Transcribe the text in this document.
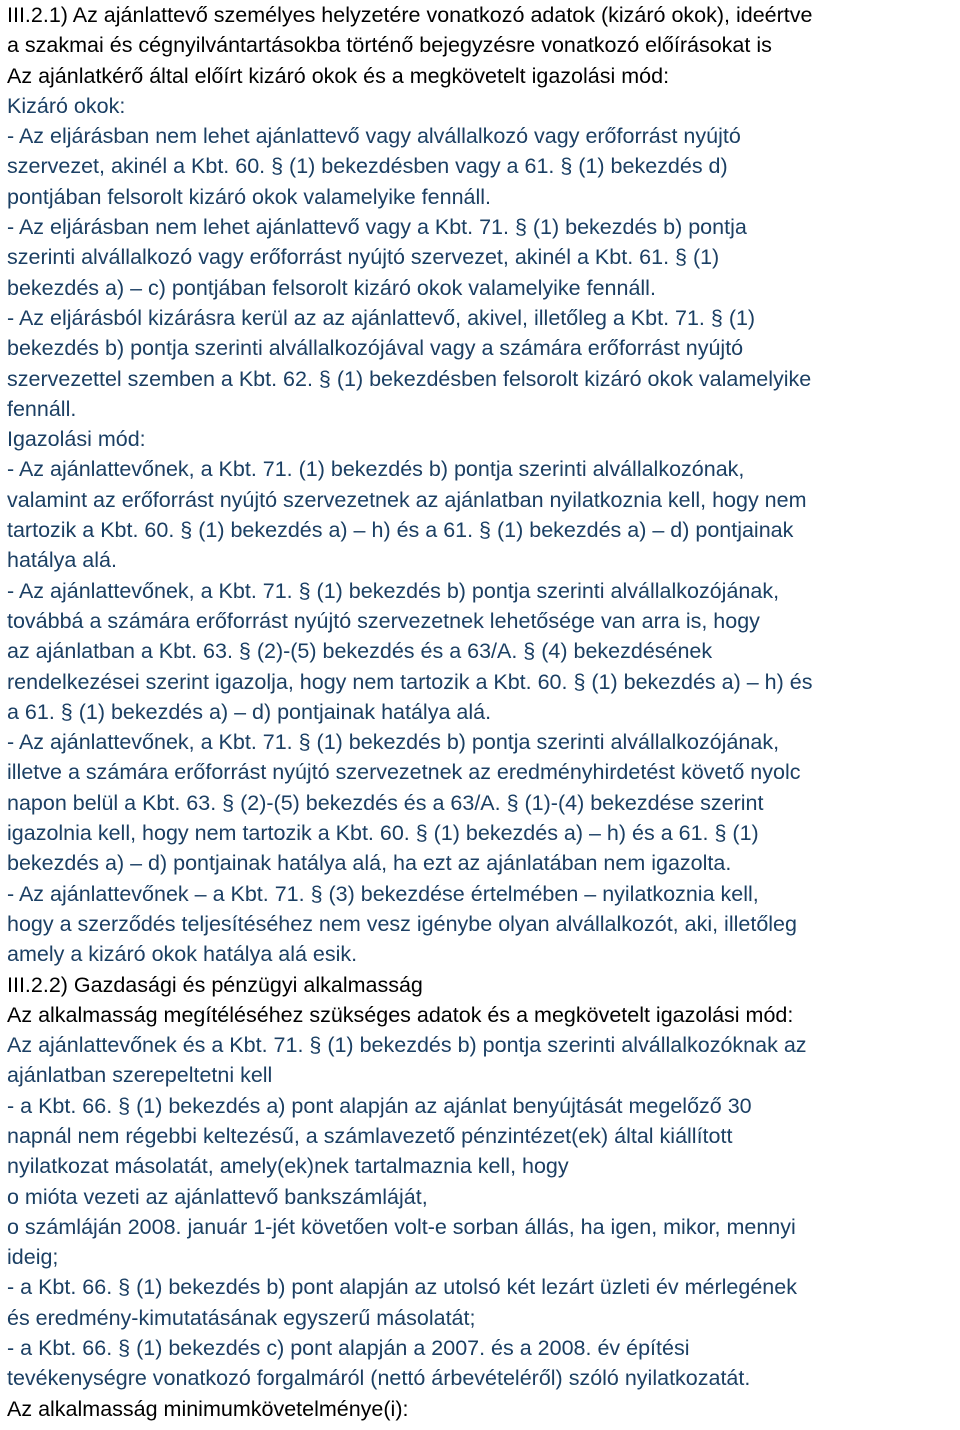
III.2.1) Az ajánlattevő személyes helyzetére vonatkozó adatok (kizáró okok), ideértve
a szakmai és cégnyilvántartásokba történő bejegyzésre vonatkozó előírásokat is
Az ajánlatkérő által előírt kizáró okok és a megkövetelt igazolási mód:
Kizáró okok:
- Az eljárásban nem lehet ajánlattevő vagy alvállalkozó vagy erőforrást nyújtó
szervezet, akinél a Kbt. 60. § (1) bekezdésben vagy a 61. § (1) bekezdés d)
pontjában felsorolt kizáró okok valamelyike fennáll.
- Az eljárásban nem lehet ajánlattevő vagy a Kbt. 71. § (1) bekezdés b) pontja
szerinti alvállalkozó vagy erőforrást nyújtó szervezet, akinél a Kbt. 61. § (1)
bekezdés a) – c) pontjában felsorolt kizáró okok valamelyike fennáll.
- Az eljárásból kizárásra kerül az az ajánlattevő, akivel, illetőleg a Kbt. 71. § (1)
bekezdés b) pontja szerinti alvállalkozójával vagy a számára erőforrást nyújtó
szervezettel szemben a Kbt. 62. § (1) bekezdésben felsorolt kizáró okok valamelyike
fennáll.
Igazolási mód:
- Az ajánlattevőnek, a Kbt. 71. (1) bekezdés b) pontja szerinti alvállalkozónak,
valamint az erőforrást nyújtó szervezetnek az ajánlatban nyilatkoznia kell, hogy nem
tartozik a Kbt. 60. § (1) bekezdés a) – h) és a 61. § (1) bekezdés a) – d) pontjainak
hatálya alá.
- Az ajánlattevőnek, a Kbt. 71. § (1) bekezdés b) pontja szerinti alvállalkozójának,
továbbá a számára erőforrást nyújtó szervezetnek lehetősége van arra is, hogy
az ajánlatban a Kbt. 63. § (2)-(5) bekezdés és a 63/A. § (4) bekezdésének
rendelkezései szerint igazolja, hogy nem tartozik a Kbt. 60. § (1) bekezdés a) – h) és
a 61. § (1) bekezdés a) – d) pontjainak hatálya alá.
- Az ajánlattevőnek, a Kbt. 71. § (1) bekezdés b) pontja szerinti alvállalkozójának,
illetve a számára erőforrást nyújtó szervezetnek az eredményhirdetést követő nyolc
napon belül a Kbt. 63. § (2)-(5) bekezdés és a 63/A. § (1)-(4) bekezdése szerint
igazolnia kell, hogy nem tartozik a Kbt. 60. § (1) bekezdés a) – h) és a 61. § (1)
bekezdés a) – d) pontjainak hatálya alá, ha ezt az ajánlatában nem igazolta.
- Az ajánlattevőnek – a Kbt. 71. § (3) bekezdése értelmében – nyilatkoznia kell,
hogy a szerződés teljesítéséhez nem vesz igénybe olyan alvállalkozót, aki, illetőleg
amely a kizáró okok hatálya alá esik.
III.2.2) Gazdasági és pénzügyi alkalmasság
Az alkalmasság megítéléséhez szükséges adatok és a megkövetelt igazolási mód:
Az ajánlattevőnek és a Kbt. 71. § (1) bekezdés b) pontja szerinti alvállalkozóknak az
ajánlatban szerepeltetni kell
- a Kbt. 66. § (1) bekezdés a) pont alapján az ajánlat benyújtását megelőző 30
napnál nem régebbi keltezésű, a számlavezető pénzintézet(ek) által kiállított
nyilatkozat másolatát, amely(ek)nek tartalmaznia kell, hogy
o mióta vezeti az ajánlattevő bankszámláját,
o számláján 2008. január 1-jét követően volt-e sorban állás, ha igen, mikor, mennyi
ideig;
- a Kbt. 66. § (1) bekezdés b) pont alapján az utolsó két lezárt üzleti év mérlegének
és eredmény-kimutatásának egyszerű másolatát;
- a Kbt. 66. § (1) bekezdés c) pont alapján a 2007. és a 2008. év építési
tevékenységre vonatkozó forgalmáról (nettó árbevételéről) szóló nyilatkozatát.
Az alkalmasság minimumkövetelménye(i):
